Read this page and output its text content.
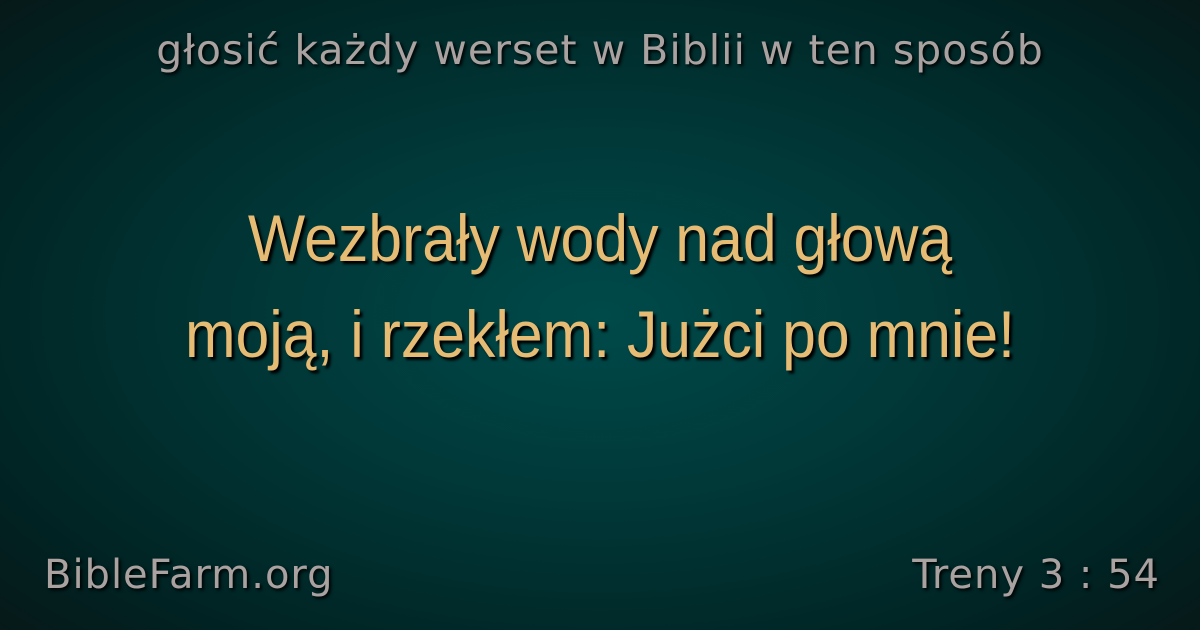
głosić każdy werset w Biblii w ten sposób
Wezbrały wody nad głową
moją, i rzekłem: Jużci po mnie!
BibleFarm.org	Treny 3 : 54
